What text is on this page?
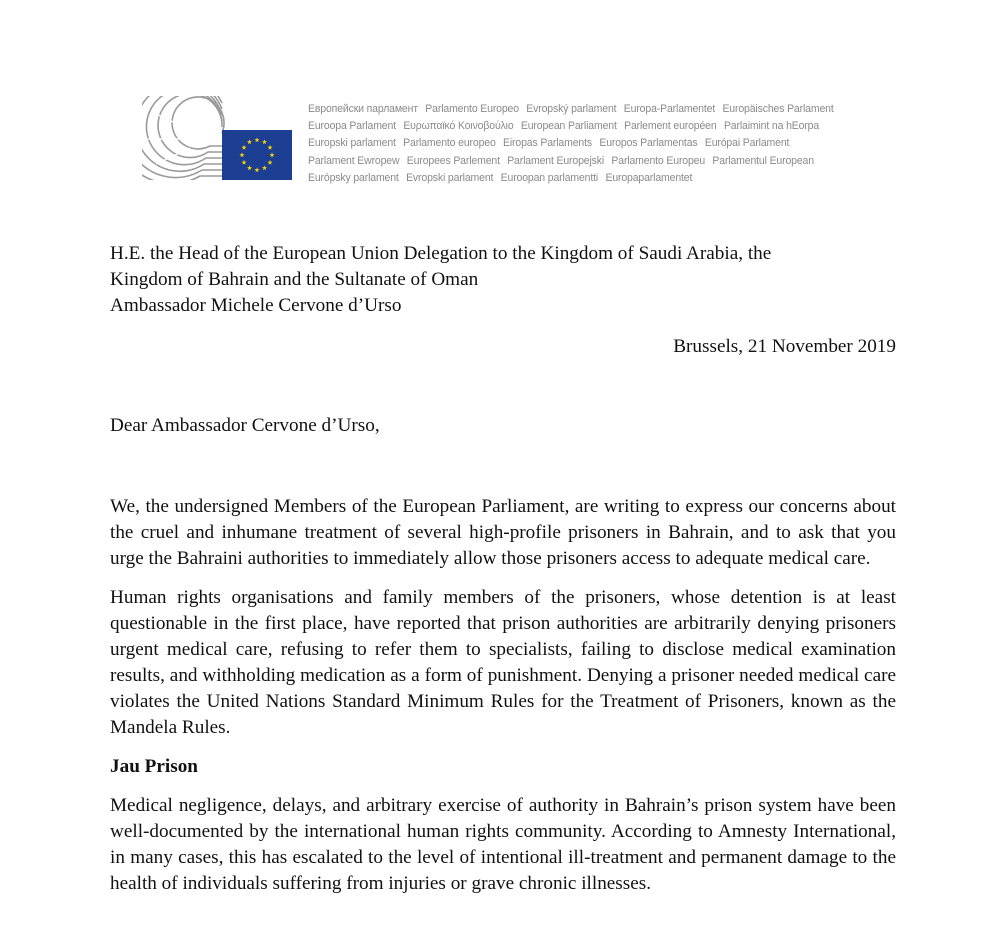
Европейски парламент Parlamento Europeo Evropský parlament Europa-Parlamentet Europäisches Parlament
Euroopa Parlament Ευρωπαϊκό Κοινοβούλιο European Parliament Parlement européen Parlaimint na hEorpa
Europski parlament Parlamento europeo Eiropas Parlaments Europos Parlamentas Európai Parlament
Parlament Ewropew Europees Parlement Parlament Europejski Parlamento Europeu Parlamentul European
Európsky parlament Evropski parlament Euroopan parlamentti Europaparlamentet
H.E. the Head of the European Union Delegation to the Kingdom of Saudi Arabia, the
Kingdom of Bahrain and the Sultanate of Oman
Ambassador Michele Cervone d’Urso
Brussels, 21 November 2019
Dear Ambassador Cervone d’Urso,

We, the undersigned Members of the European Parliament, are writing to express our concerns about the cruel and inhumane treatment of several high-profile prisoners in Bahrain, and to ask that you urge the Bahraini authorities to immediately allow those prisoners access to adequate medical care.

Human rights organisations and family members of the prisoners, whose detention is at least questionable in the first place, have reported that prison authorities are arbitrarily denying prisoners urgent medical care, refusing to refer them to specialists, failing to disclose medical examination results, and withholding medication as a form of punishment. Denying a prisoner needed medical care violates the United Nations Standard Minimum Rules for the Treatment of Prisoners, known as the Mandela Rules.

Jau Prison

Medical negligence, delays, and arbitrary exercise of authority in Bahrain’s prison system have been well-documented by the international human rights community. According to Amnesty International, in many cases, this has escalated to the level of intentional ill-treatment and permanent damage to the health of individuals suffering from injuries or grave chronic illnesses.
